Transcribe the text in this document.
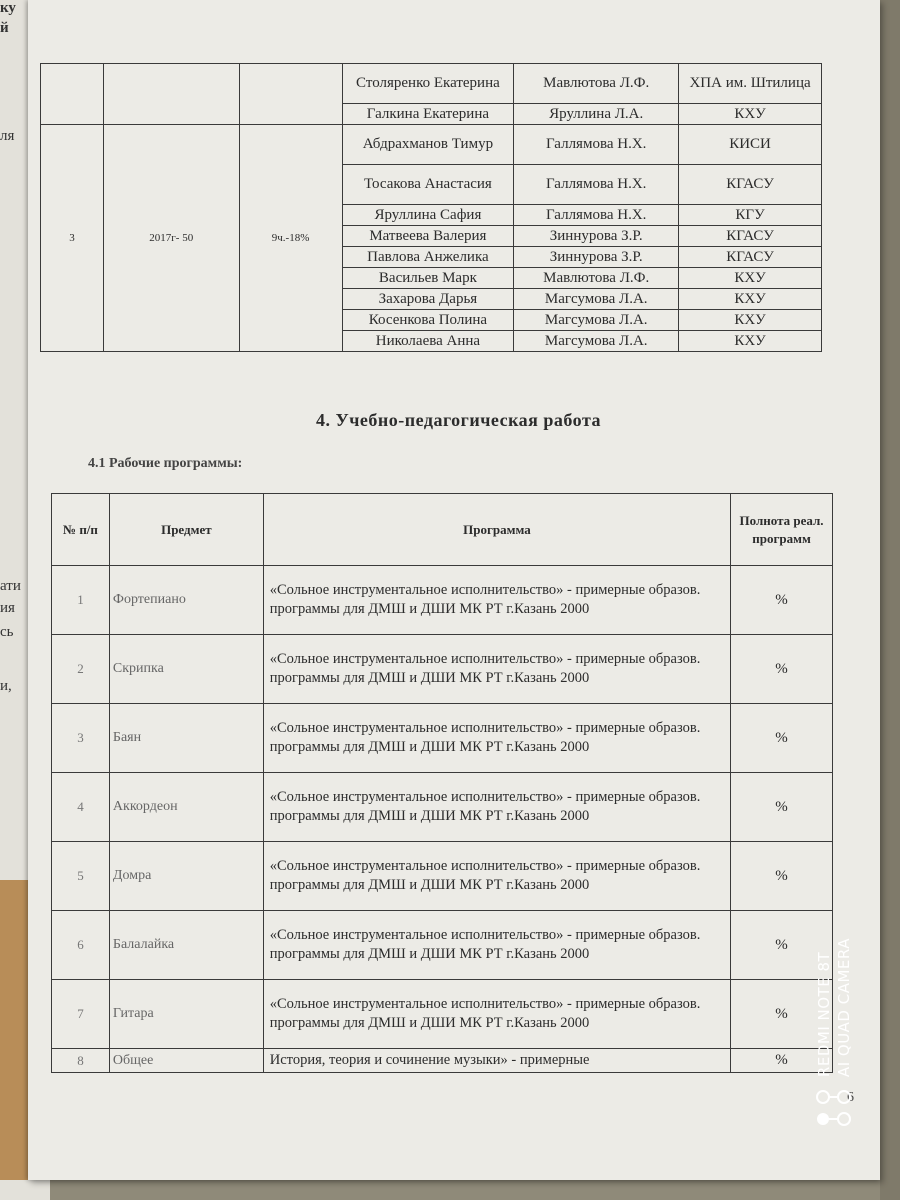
ку
й
ля
ати
ия
сь
и,
			Столяренко Екатерина	Мавлютова Л.Ф.	ХПА им. Штилица
			Галкина Екатерина	Яруллина Л.А.	КХУ
3	2017г- 50	9ч.-18%	Абдрахманов Тимур	Галлямова Н.Х.	КИСИ
			Тосакова Анастасия	Галлямова Н.Х.	КГАСУ
			Яруллина Сафия	Галлямова Н.Х.	КГУ
			Матвеева Валерия	Зиннурова З.Р.	КГАСУ
			Павлова Анжелика	Зиннурова З.Р.	КГАСУ
			Васильев Марк	Мавлютова Л.Ф.	КХУ
			Захарова Дарья	Магсумова Л.А.	КХУ
			Косенкова Полина	Магсумова Л.А.	КХУ
			Николаева Анна	Магсумова Л.А.	КХУ
4. Учебно-педагогическая работа
4.1 Рабочие программы:
№ п/п	Предмет	Программа	Полнота реал. программ
1	Фортепиано	«Сольное инструментальное исполнительство» - примерные образов. программы для ДМШ и ДШИ МК РТ г.Казань 2000	%
2	Скрипка	«Сольное инструментальное исполнительство» - примерные образов. программы для ДМШ и ДШИ МК РТ г.Казань 2000	%
3	Баян	«Сольное инструментальное исполнительство» - примерные образов. программы для ДМШ и ДШИ МК РТ г.Казань 2000	%
4	Аккордеон	«Сольное инструментальное исполнительство» - примерные образов. программы для ДМШ и ДШИ МК РТ г.Казань 2000	%
5	Домра	«Сольное инструментальное исполнительство» - примерные образов. программы для ДМШ и ДШИ МК РТ г.Казань 2000	%
6	Балалайка	«Сольное инструментальное исполнительство» - примерные образов. программы для ДМШ и ДШИ МК РТ г.Казань 2000	%
7	Гитара	«Сольное инструментальное исполнительство» - примерные образов. программы для ДМШ и ДШИ МК РТ г.Казань 2000	%
8	Общее	История, теория и сочинение музыки» - примерные	%
6
REDMI NOTE 8T AI QUAD CAMERA
